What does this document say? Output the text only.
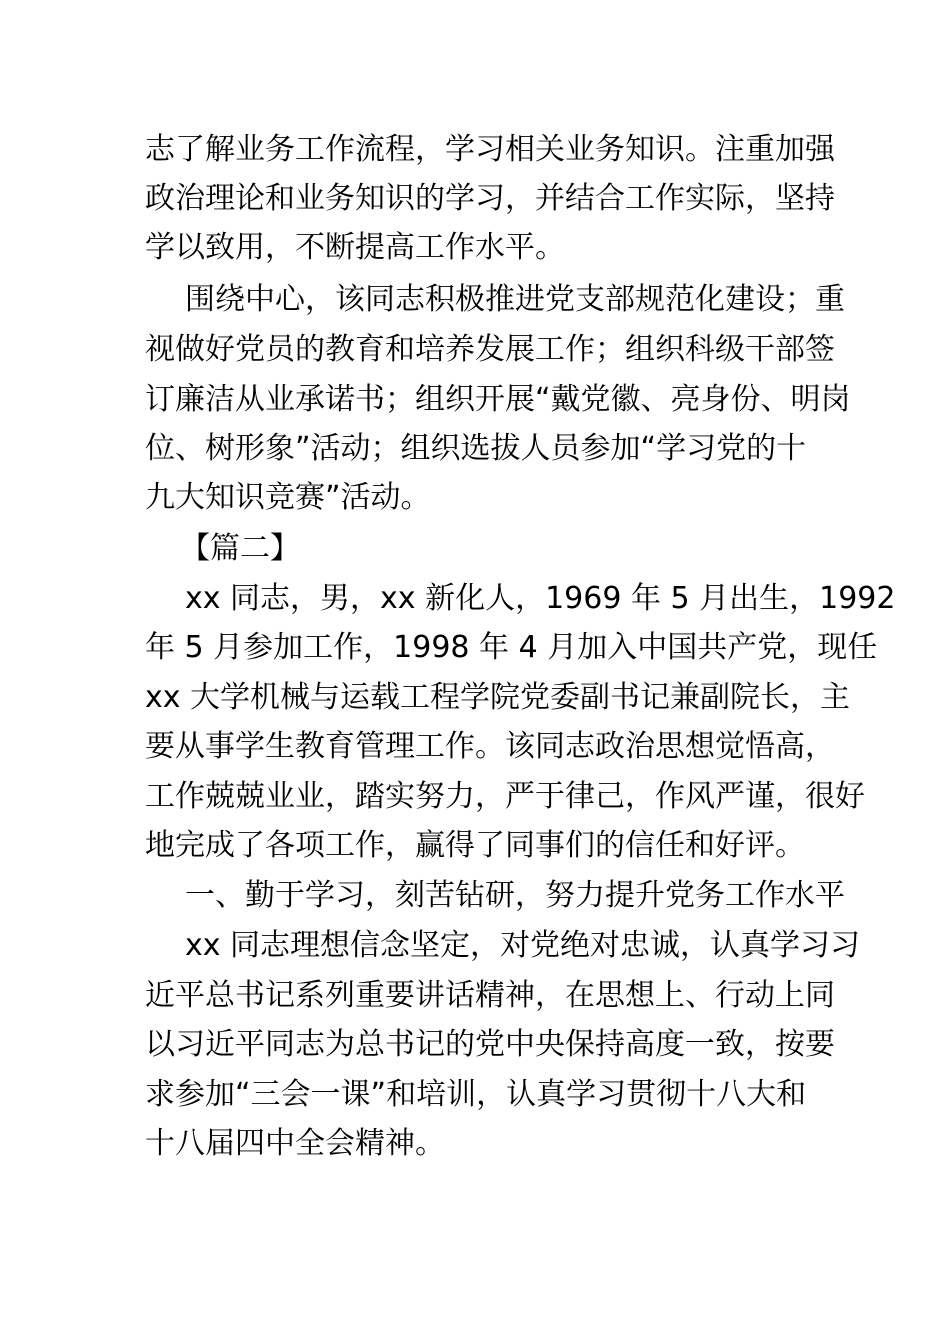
志了解业务工作流程，学习相关业务知识。注重加强
政治理论和业务知识的学习，并结合工作实际，坚持
学以致用，不断提高工作水平。
围绕中心，该同志积极推进党支部规范化建设；重
视做好党员的教育和培养发展工作；组织科级干部签
订廉洁从业承诺书；组织开展“戴党徽、亮身份、明岗
位、树形象”活动；组织选拔人员参加“学习党的十
九大知识竞赛”活动。
【篇二】
xx 同志，男，xx 新化人，1969 年 5 月出生，1992
年 5 月参加工作，1998 年 4 月加入中国共产党，现任
xx 大学机械与运载工程学院党委副书记兼副院长，主
要从事学生教育管理工作。该同志政治思想觉悟高，
工作兢兢业业，踏实努力，严于律己，作风严谨，很好
地完成了各项工作，赢得了同事们的信任和好评。
一、勤于学习，刻苦钻研，努力提升党务工作水平
xx 同志理想信念坚定，对党绝对忠诚，认真学习习
近平总书记系列重要讲话精神，在思想上、行动上同
以习近平同志为总书记的党中央保持高度一致，按要
求参加“三会一课”和培训，认真学习贯彻十八大和
十八届四中全会精神。
